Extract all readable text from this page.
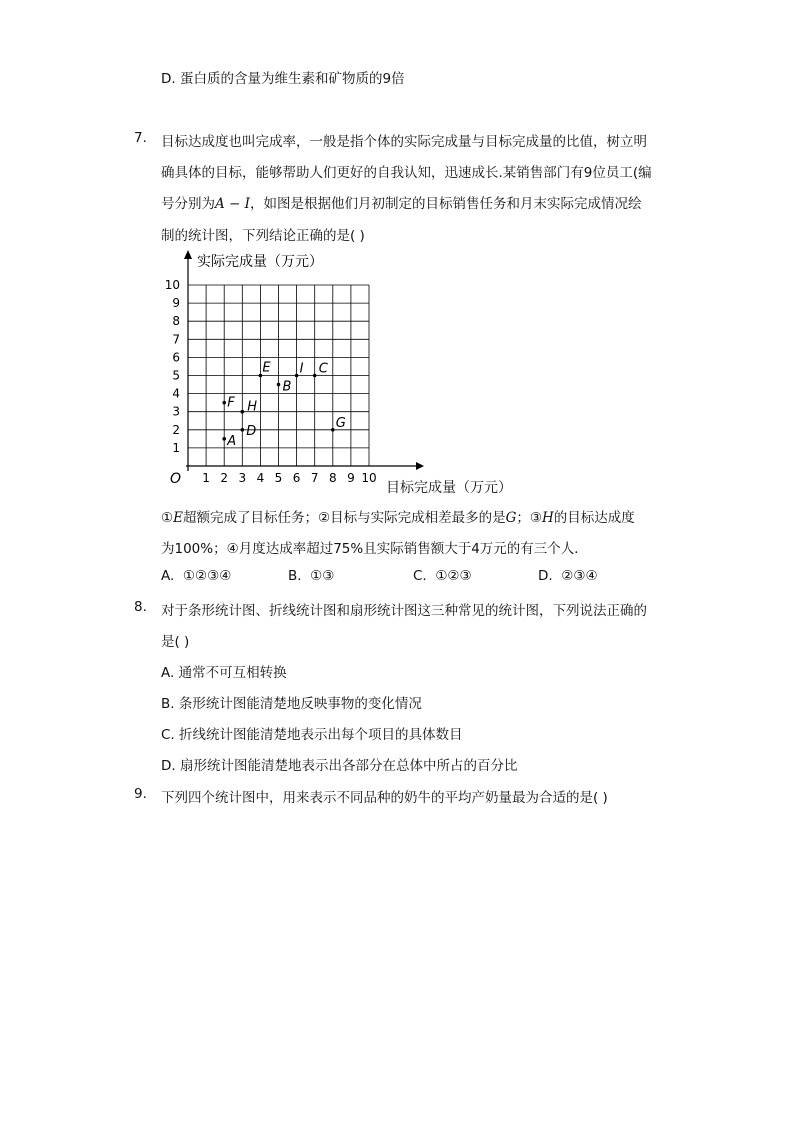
D. 蛋白质的含量为维生素和矿物质的9倍
7. 目标达成度也叫完成率，一般是指个体的实际完成量与目标完成量的比值，树立明
确具体的目标，能够帮助人们更好的自我认知，迅速成长.某销售部门有9位员工(编
号分别为A − I，如图是根据他们月初制定的目标销售任务和月末实际完成情况绘
制的统计图，下列结论正确的是( )
实际完成量（万元）
O 1 2 3 4 5 6 7 8 9 10
1
2
3
4
5
6
7
8
9
10
A
F H
D
E
B
I C
G
目标完成量（万元）
①E超额完成了目标任务；②目标与实际完成相差最多的是G；③H的目标达成度
为100%；④月度达成率超过75%且实际销售额大于4万元的有三个人．
A. ①②③④	B. ①③	C. ①②③	D. ②③④
8. 对于条形统计图、折线统计图和扇形统计图这三种常见的统计图，下列说法正确的
是( )
A. 通常不可互相转换
B. 条形统计图能清楚地反映事物的变化情况
C. 折线统计图能清楚地表示出每个项目的具体数目
D. 扇形统计图能清楚地表示出各部分在总体中所占的百分比
9. 下列四个统计图中，用来表示不同品种的奶牛的平均产奶量最为合适的是( )
